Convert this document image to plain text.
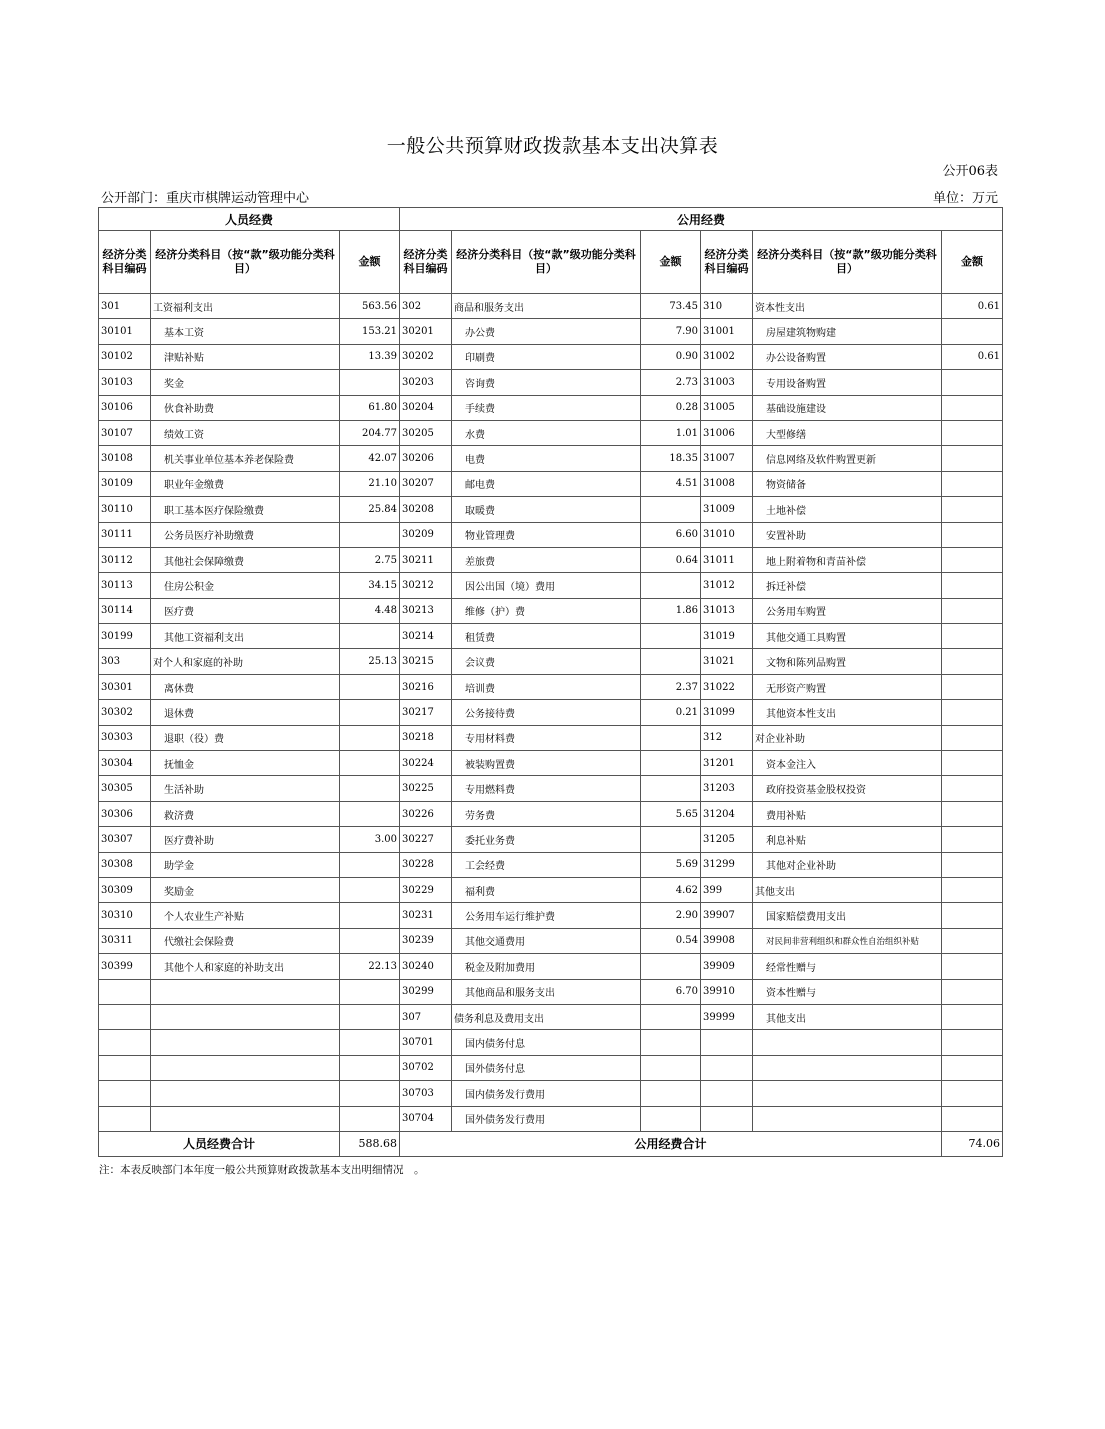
一般公共预算财政拨款基本支出决算表
公开06表
公开部门：重庆市棋牌运动管理中心	单位：万元
人员经费			公用经费					
经济分类科目编码	经济分类科目（按“款”级功能分类科目）	金额	经济分类科目编码	经济分类科目（按“款”级功能分类科目）	金额	经济分类科目编码	经济分类科目（按“款”级功能分类科目）	金额
301	工资福利支出	563.56	302	商品和服务支出	73.45	310	资本性支出	0.61
30101	基本工资	153.21	30201	办公费	7.90	31001	房屋建筑物购建	
30102	津贴补贴	13.39	30202	印刷费	0.90	31002	办公设备购置	0.61
30103	奖金		30203	咨询费	2.73	31003	专用设备购置	
30106	伙食补助费	61.80	30204	手续费	0.28	31005	基础设施建设	
30107	绩效工资	204.77	30205	水费	1.01	31006	大型修缮	
30108	机关事业单位基本养老保险费	42.07	30206	电费	18.35	31007	信息网络及软件购置更新	
30109	职业年金缴费	21.10	30207	邮电费	4.51	31008	物资储备	
30110	职工基本医疗保险缴费	25.84	30208	取暖费		31009	土地补偿	
30111	公务员医疗补助缴费		30209	物业管理费	6.60	31010	安置补助	
30112	其他社会保障缴费	2.75	30211	差旅费	0.64	31011	地上附着物和青苗补偿	
30113	住房公积金	34.15	30212	因公出国（境）费用		31012	拆迁补偿	
30114	医疗费	4.48	30213	维修（护）费	1.86	31013	公务用车购置	
30199	其他工资福利支出		30214	租赁费		31019	其他交通工具购置	
303	对个人和家庭的补助	25.13	30215	会议费		31021	文物和陈列品购置	
30301	离休费		30216	培训费	2.37	31022	无形资产购置	
30302	退休费		30217	公务接待费	0.21	31099	其他资本性支出	
30303	退职（役）费		30218	专用材料费		312	对企业补助	
30304	抚恤金		30224	被装购置费		31201	资本金注入	
30305	生活补助		30225	专用燃料费		31203	政府投资基金股权投资	
30306	救济费		30226	劳务费	5.65	31204	费用补贴	
30307	医疗费补助	3.00	30227	委托业务费		31205	利息补贴	
30308	助学金		30228	工会经费	5.69	31299	其他对企业补助	
30309	奖励金		30229	福利费	4.62	399	其他支出	
30310	个人农业生产补贴		30231	公务用车运行维护费	2.90	39907	国家赔偿费用支出	
30311	代缴社会保险费		30239	其他交通费用	0.54	39908	对民间非营利组织和群众性自治组织补贴	
30399	其他个人和家庭的补助支出	22.13	30240	税金及附加费用		39909	经常性赠与	
			30299	其他商品和服务支出	6.70	39910	资本性赠与	
			307	债务利息及费用支出		39999	其他支出	
			30701	国内债务付息				
			30702	国外债务付息				
			30703	国内债务发行费用				
			30704	国外债务发行费用				
人员经费合计		588.68	公用经费合计					74.06
注：本表反映部门本年度一般公共预算财政拨款基本支出明细情况　。
